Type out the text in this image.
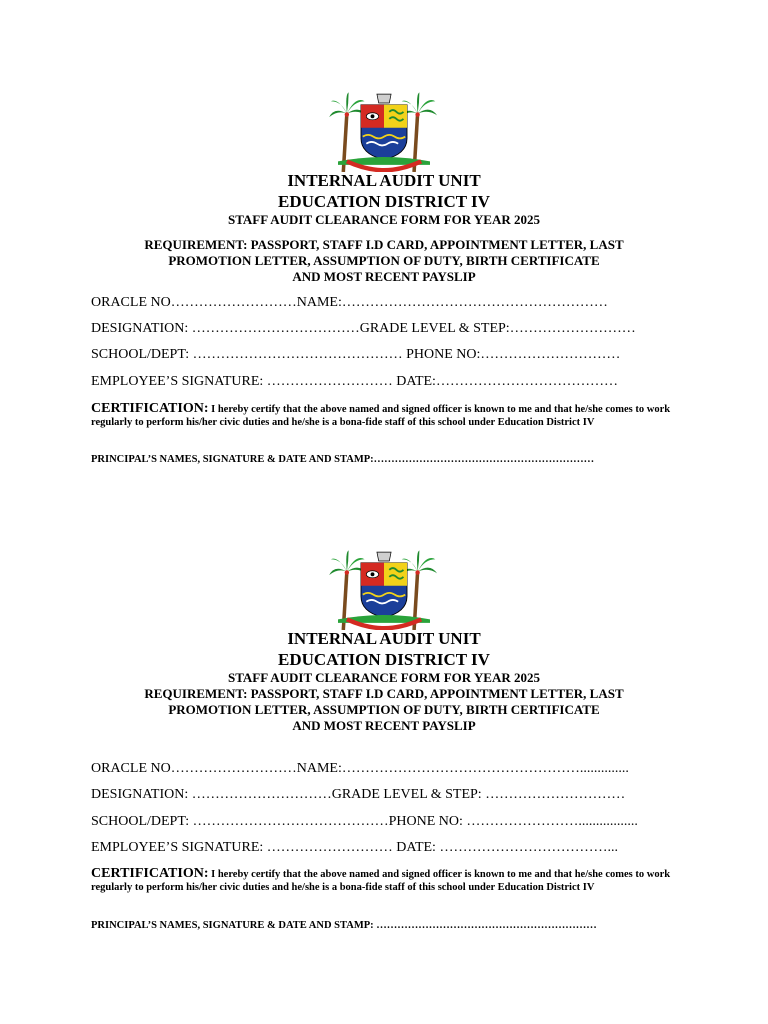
INTERNAL AUDIT UNIT
EDUCATION DISTRICT IV
STAFF AUDIT CLEARANCE FORM FOR YEAR 2025
REQUIREMENT: PASSPORT, STAFF I.D CARD, APPOINTMENT LETTER, LAST
PROMOTION LETTER, ASSUMPTION OF DUTY, BIRTH CERTIFICATE
AND MOST RECENT PAYSLIP
ORACLE NO………………………NAME:…………………………………………………
DESIGNATION: ………………………………GRADE LEVEL & STEP:………………………
SCHOOL/DEPT: ……………………………………… PHONE NO:…………………………
EMPLOYEE’S SIGNATURE: ……………………… DATE:…………………………………
CERTIFICATION: I hereby certify that the above named and signed officer is known to me and that he/she comes to work regularly to perform his/her civic duties and he/she is a bona-fide staff of this school under Education District IV
PRINCIPAL’S NAMES, SIGNATURE & DATE AND STAMP:………………………………………………………
INTERNAL AUDIT UNIT
EDUCATION DISTRICT IV
STAFF AUDIT CLEARANCE FORM FOR YEAR 2025
REQUIREMENT: PASSPORT, STAFF I.D CARD, APPOINTMENT LETTER, LAST
PROMOTION LETTER, ASSUMPTION OF DUTY, BIRTH CERTIFICATE
AND MOST RECENT PAYSLIP
ORACLE NO………………………NAME:……………………………………………..............
DESIGNATION: …………………………GRADE LEVEL & STEP: …………………………
SCHOOL/DEPT: ……………………………………PHONE NO: …………………….................
EMPLOYEE’S SIGNATURE: ……………………… DATE: ………………………………...
CERTIFICATION: I hereby certify that the above named and signed officer is known to me and that he/she comes to work regularly to perform his/her civic duties and he/she is a bona-fide staff of this school under Education District IV
PRINCIPAL’S NAMES, SIGNATURE & DATE AND STAMP: ………………………………………………………
